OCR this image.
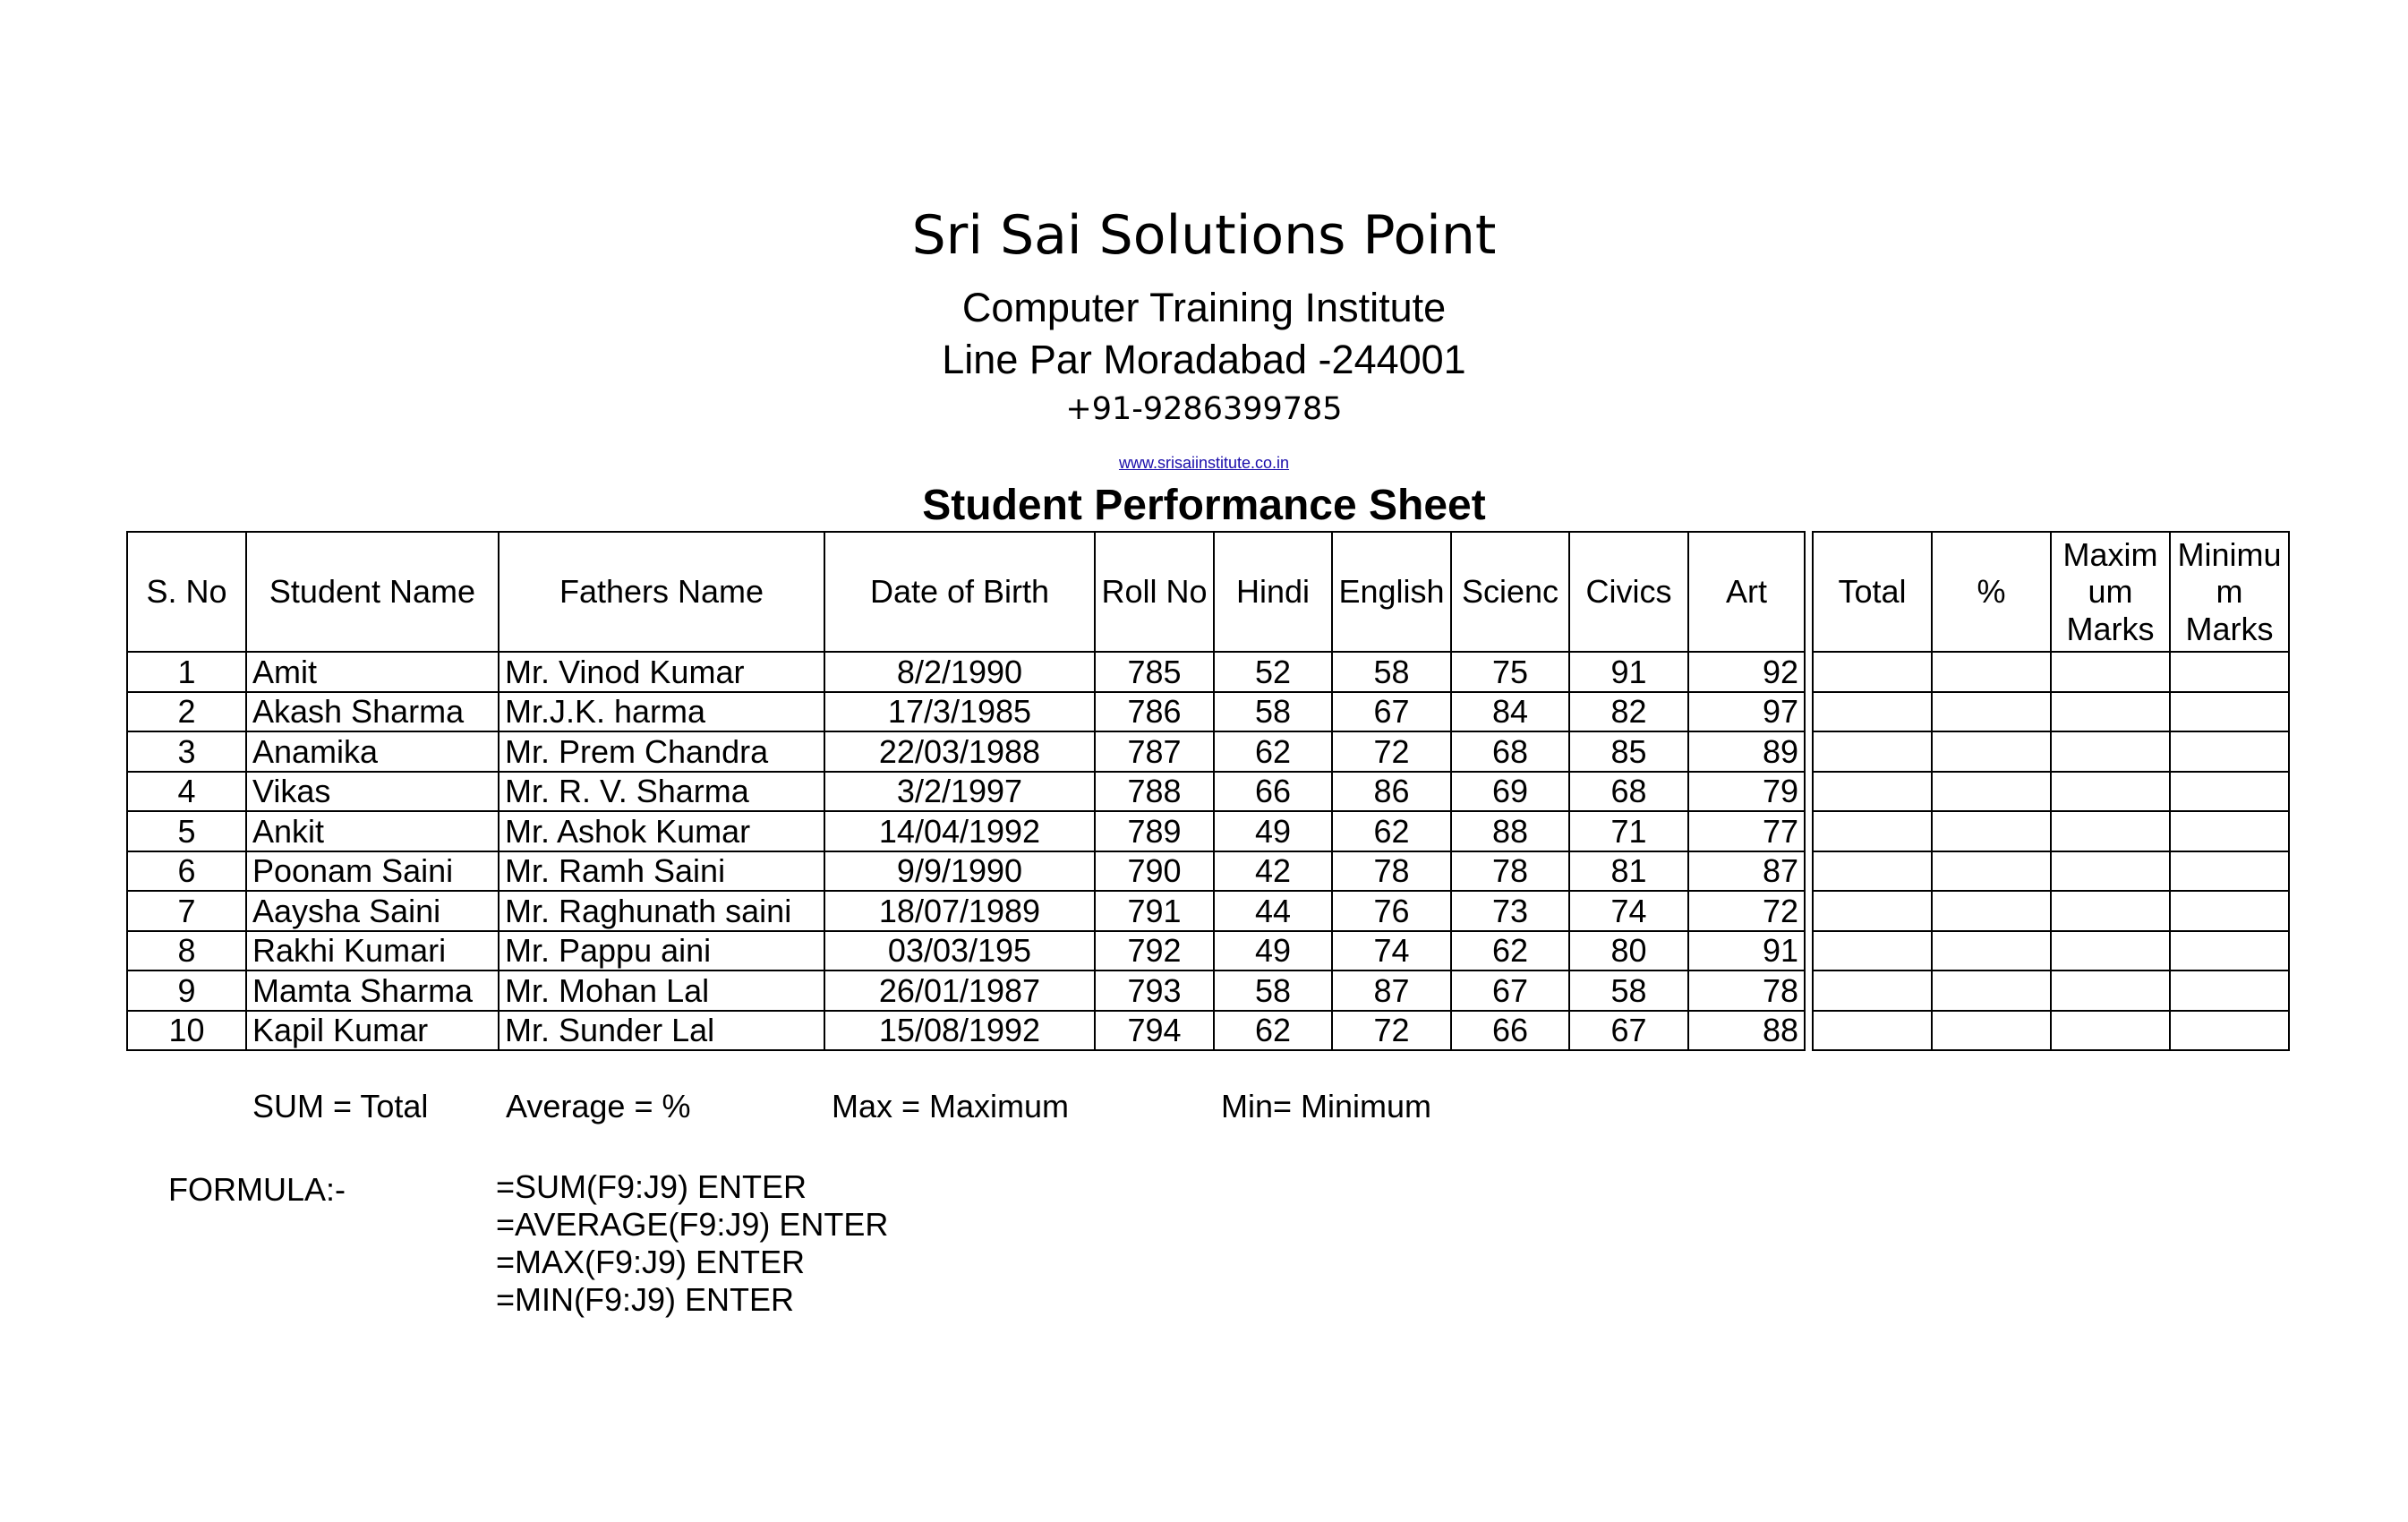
Sri Sai Solutions Point
Computer Training Institute
Line Par Moradabad -244001
+91-9286399785
www.srisaiinstitute.co.in
Student Performance Sheet
S. No	Student Name	Fathers Name	Date of Birth	Roll No	Hindi	English	Scienc	Civics	Art
1	Amit	Mr. Vinod Kumar	8/2/1990	785	52	58	75	91	92
2	Akash Sharma	Mr.J.K. harma	17/3/1985	786	58	67	84	82	97
3	Anamika	Mr. Prem Chandra	22/03/1988	787	62	72	68	85	89
4	Vikas	Mr. R. V. Sharma	3/2/1997	788	66	86	69	68	79
5	Ankit	Mr. Ashok Kumar	14/04/1992	789	49	62	88	71	77
6	Poonam Saini	Mr. Ramh Saini	9/9/1990	790	42	78	78	81	87
7	Aaysha Saini	Mr. Raghunath saini	18/07/1989	791	44	76	73	74	72
8	Rakhi Kumari	Mr. Pappu aini	03/03/195	792	49	74	62	80	91
9	Mamta Sharma	Mr. Mohan Lal	26/01/1987	793	58	87	67	58	78
10	Kapil Kumar	Mr. Sunder Lal	15/08/1992	794	62	72	66	67	88
Total	%	Maxim um Marks	Minimu m Marks

SUM = Total Average = %	Max = Maximum	Min= Minimum
FORMULA:-	=SUM(F9:J9) ENTER
=AVERAGE(F9:J9) ENTER
=MAX(F9:J9) ENTER
=MIN(F9:J9) ENTER
